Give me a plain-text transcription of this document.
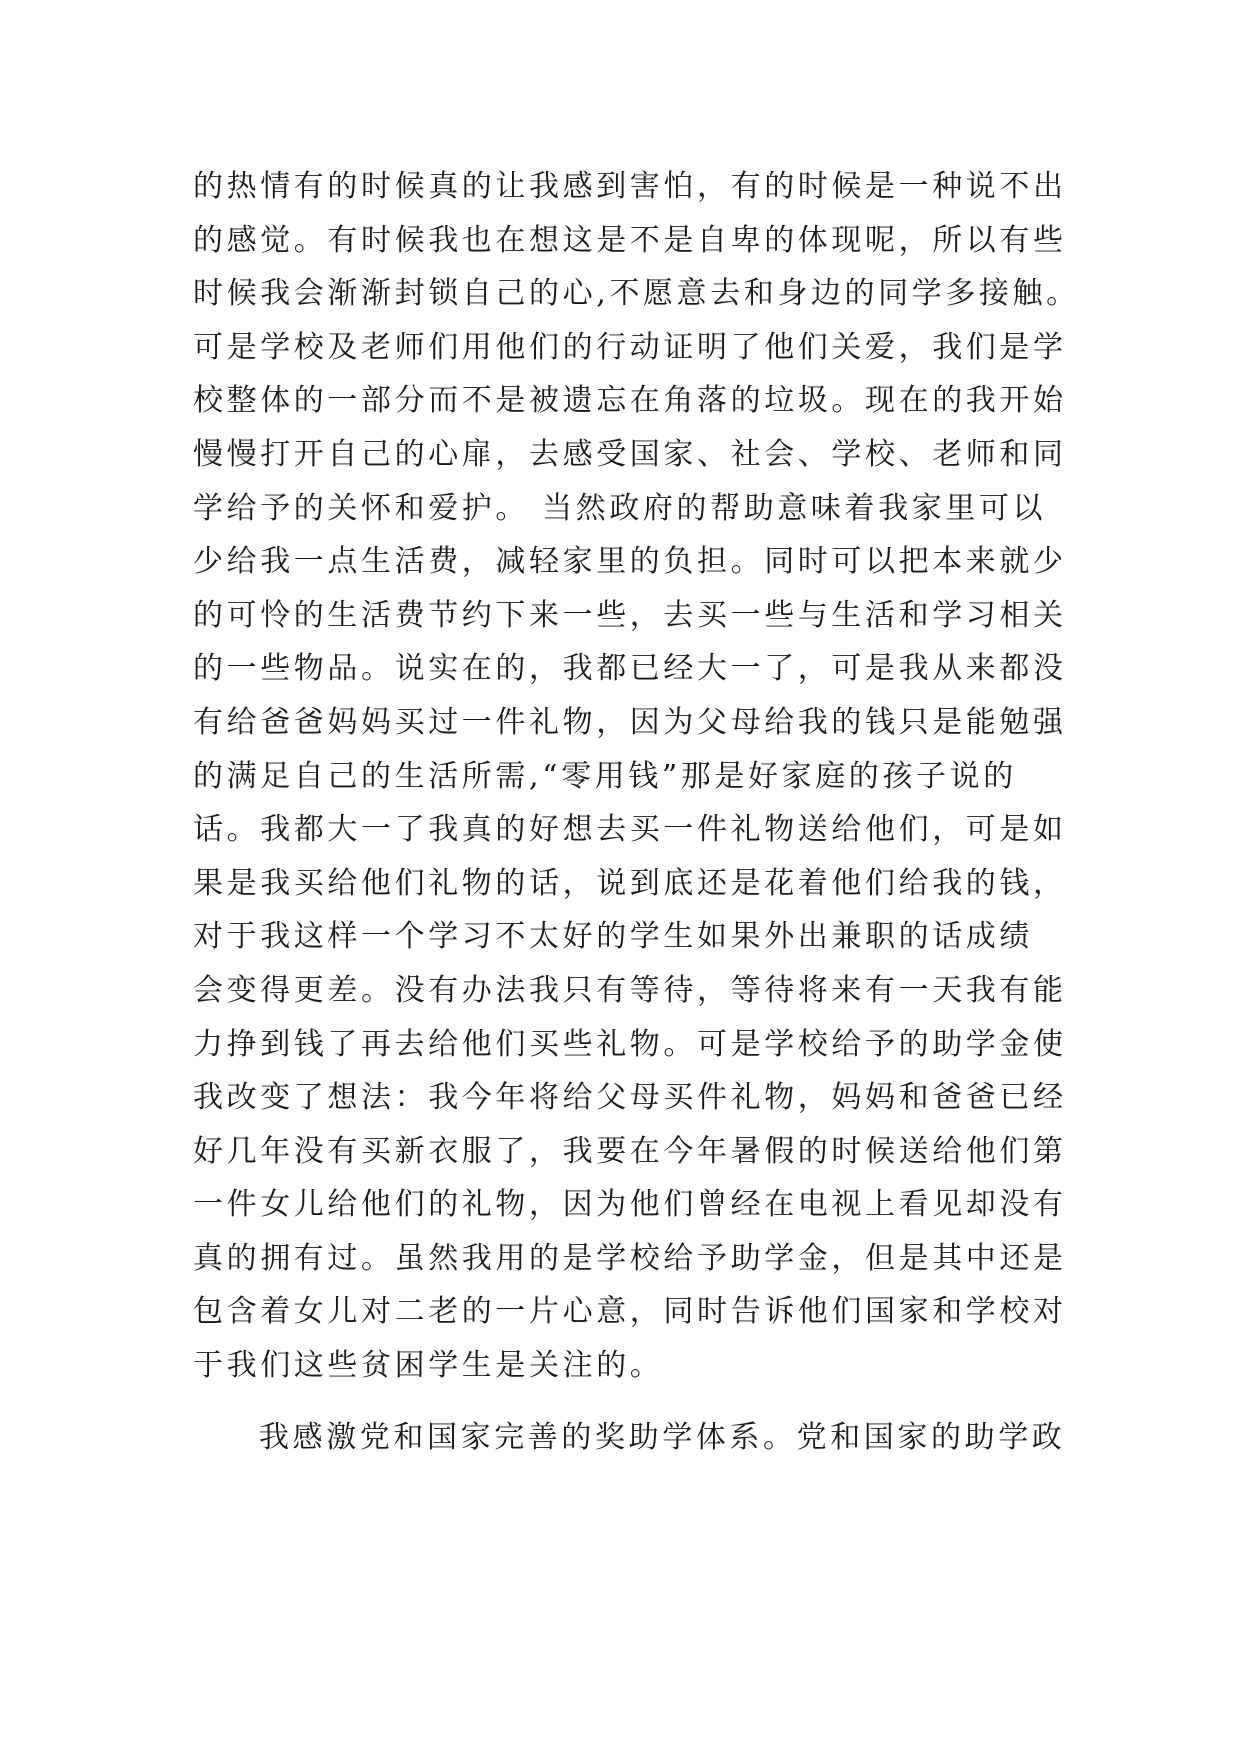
的热情有的时候真的让我感到害怕，有的时候是一种说不出
的感觉。有时候我也在想这是不是自卑的体现呢，所以有些
时候我会渐渐封锁自己的心,不愿意去和身边的同学多接触。
可是学校及老师们用他们的行动证明了他们关爱，我们是学
校整体的一部分而不是被遗忘在角落的垃圾。现在的我开始
慢慢打开自己的心扉，去感受国家、社会、学校、老师和同
学给予的关怀和爱护。 当然政府的帮助意味着我家里可以
少给我一点生活费，减轻家里的负担。同时可以把本来就少
的可怜的生活费节约下来一些，去买一些与生活和学习相关
的一些物品。说实在的，我都已经大一了，可是我从来都没
有给爸爸妈妈买过一件礼物，因为父母给我的钱只是能勉强
的满足自己的生活所需,“零用钱”那是好家庭的孩子说的
话。我都大一了我真的好想去买一件礼物送给他们，可是如
果是我买给他们礼物的话，说到底还是花着他们给我的钱，
对于我这样一个学习不太好的学生如果外出兼职的话成绩
会变得更差。没有办法我只有等待，等待将来有一天我有能
力挣到钱了再去给他们买些礼物。可是学校给予的助学金使
我改变了想法：我今年将给父母买件礼物，妈妈和爸爸已经
好几年没有买新衣服了，我要在今年暑假的时候送给他们第
一件女儿给他们的礼物，因为他们曾经在电视上看见却没有
真的拥有过。虽然我用的是学校给予助学金，但是其中还是
包含着女儿对二老的一片心意，同时告诉他们国家和学校对
于我们这些贫困学生是关注的。
我感激党和国家完善的奖助学体系。党和国家的助学政
